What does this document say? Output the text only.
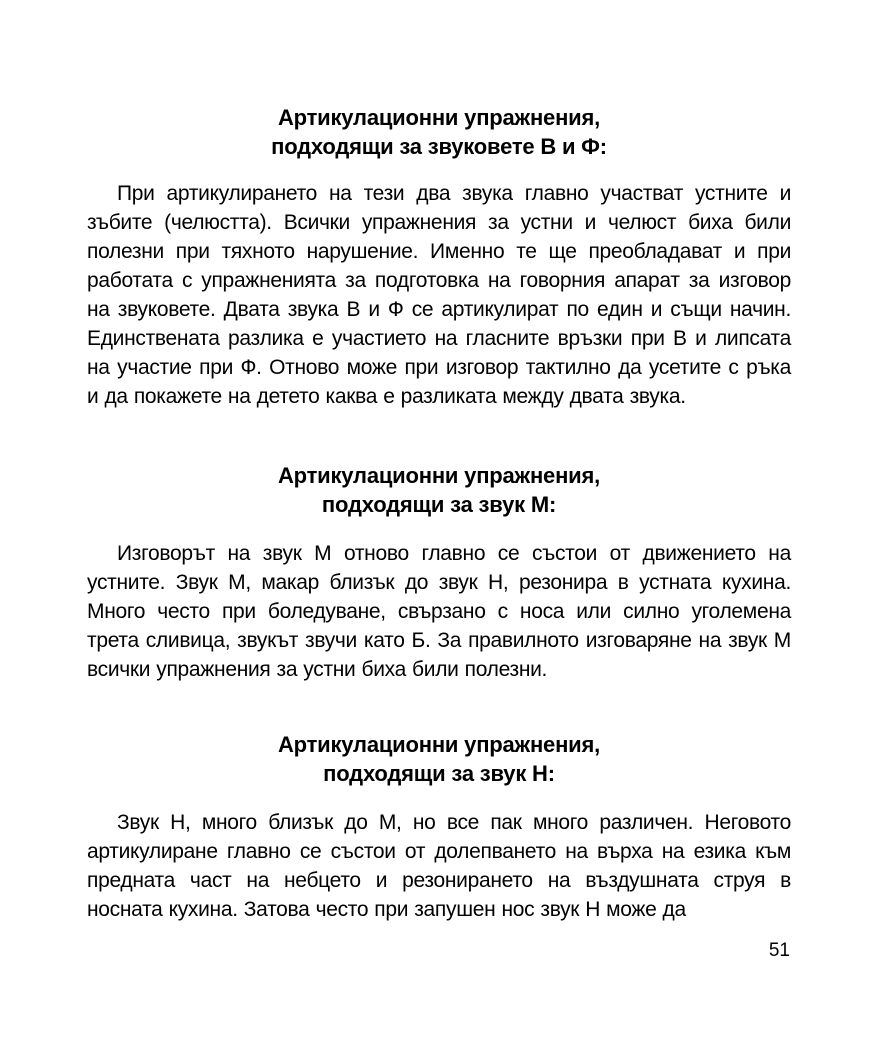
Артикулационни упражнения,
подходящи за звуковете В и Ф:

При артикулирането на тези два звука главно участват устните и зъбите (челюстта). Всички упражнения за устни и челюст биха били полезни при тяхното нарушение. Именно те ще преобладават и при работата с упражненията за подготовка на говорния апарат за изговор на звуковете. Двата звука В и Ф се артикулират по един и същи начин. Единствената разлика е участието на гласните връзки при В и липсата на участие при Ф. Отново може при изговор тактилно да усетите с ръка и да покажете на детето каква е разликата между двата звука.

Артикулационни упражнения,
подходящи за звук М:

Изговорът на звук М отново главно се състои от движението на устните. Звук М, макар близък до звук Н, резонира в устната кухина. Много често при боледуване, свързано с носа или силно уголемена трета сливица, звукът звучи като Б. За правилното изговаряне на звук М всички упражнения за устни биха били полезни.

Артикулационни упражнения,
подходящи за звук Н:

Звук Н, много близък до М, но все пак много различен. Неговото артикулиране главно се състои от долепването на върха на езика към предната част на небцето и резонирането на въздушната струя в носната кухина. Затова често при запушен нос звук Н може да

51
